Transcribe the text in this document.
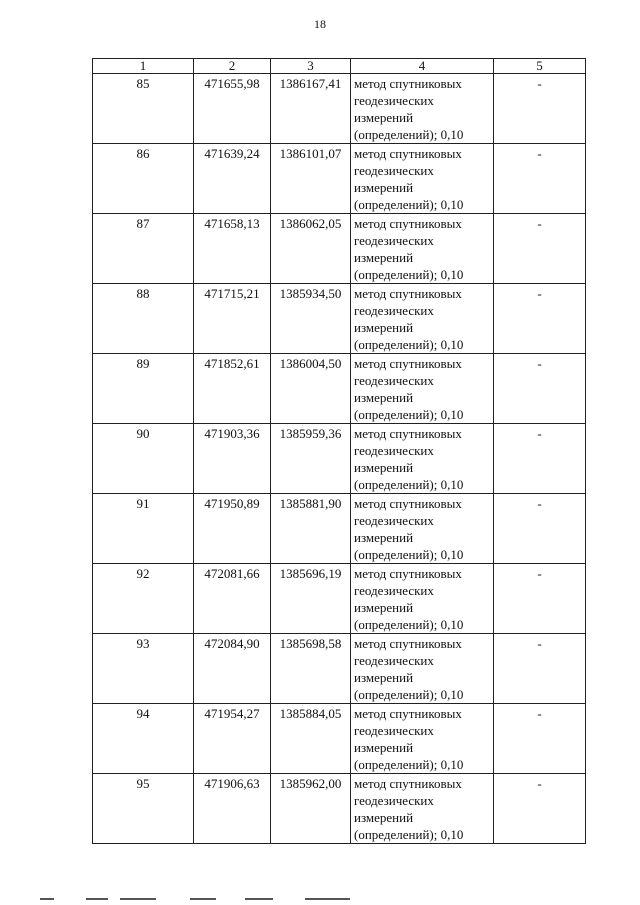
18
1	2	3	4	5
85	471655,98	1386167,41	метод спутниковых
геодезических
измерений
(определений); 0,10	-
86	471639,24	1386101,07	метод спутниковых
геодезических
измерений
(определений); 0,10	-
87	471658,13	1386062,05	метод спутниковых
геодезических
измерений
(определений); 0,10	-
88	471715,21	1385934,50	метод спутниковых
геодезических
измерений
(определений); 0,10	-
89	471852,61	1386004,50	метод спутниковых
геодезических
измерений
(определений); 0,10	-
90	471903,36	1385959,36	метод спутниковых
геодезических
измерений
(определений); 0,10	-
91	471950,89	1385881,90	метод спутниковых
геодезических
измерений
(определений); 0,10	-
92	472081,66	1385696,19	метод спутниковых
геодезических
измерений
(определений); 0,10	-
93	472084,90	1385698,58	метод спутниковых
геодезических
измерений
(определений); 0,10	-
94	471954,27	1385884,05	метод спутниковых
геодезических
измерений
(определений); 0,10	-
95	471906,63	1385962,00	метод спутниковых
геодезических
измерений
(определений); 0,10	-
